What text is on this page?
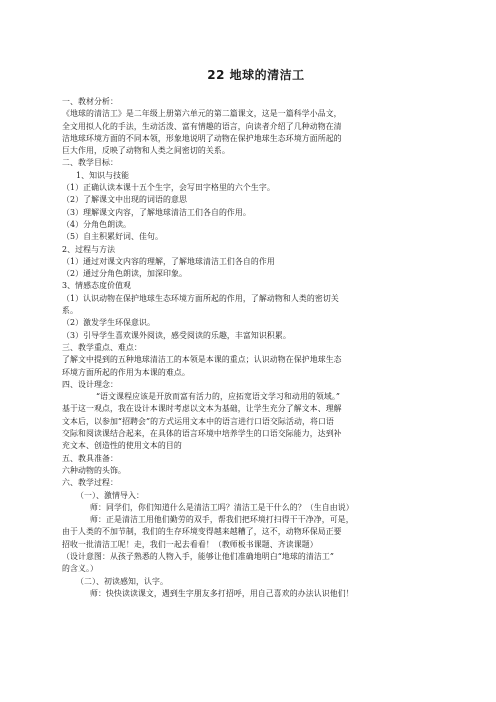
22 地球的清洁工
一、教材分析：
《地球的清洁工》是二年级上册第六单元的第二篇课文，这是一篇科学小品文，
全文用拟人化的手法，生动活泼、富有情趣的语言，向读者介绍了几种动物在清
洁地球环境方面的不同本领，形象地说明了动物在保护地球生态环境方面所起的
巨大作用，反映了动物和人类之间密切的关系。
二、教学目标：
1、知识与技能
（1）正确认读本课十五个生字，会写田字格里的六个生字。
（2）了解课文中出现的词语的意思
（3）理解课文内容，了解地球清洁工们各自的作用。
（4）分角色朗读。
（5）自主积累好词、佳句。
2、过程与方法
（1）通过对课文内容的理解，了解地球清洁工们各自的作用
（2）通过分角色朗读，加深印象。
3、情感态度价值观
（1）认识动物在保护地球生态环境方面所起的作用，了解动物和人类的密切关
系。
（2）激发学生环保意识。
（3）引导学生喜欢课外阅读，感受阅读的乐趣，丰富知识积累。
三、教学重点、难点：
了解文中提到的五种地球清洁工的本领是本课的重点；认识动物在保护地球生态
环境方面所起的作用为本课的难点。
四、设计理念：
“语文课程应该是开放而富有活力的，应拓宽语文学习和动用的领域。”
基于这一观点，我在设计本课时考虑以文本为基础，让学生充分了解文本、理解
文本后，以参加“招聘会”的方式运用文本中的语言进行口语交际活动，将口语
交际和阅读课结合起来，在具体的语言环境中培养学生的口语交际能力，达到补
充文本、创造性的使用文本的目的
五、教具准备：
六种动物的头饰。
六、教学过程：
（一）、激情导入：
师：同学们，你们知道什么是清洁工吗？清洁工是干什么的？（生自由说）
师：正是清洁工用他们勤劳的双手，帮我们把环境打扫得干干净净，可是，
由于人类的不加节制，我们的生存环境变得越来越糟了，这不，动物环保局正要
招收一批清洁工呢！走，我们一起去看看！（教师板书课题、齐读课题）
（设计意图：从孩子熟悉的人物入手，能够让他们准确地明白“地球的清洁工”
的含义。）
（二）、初读感知，认字。
师：快快读读课文，遇到生字朋友多打招呼，用自己喜欢的办法认识他们！
